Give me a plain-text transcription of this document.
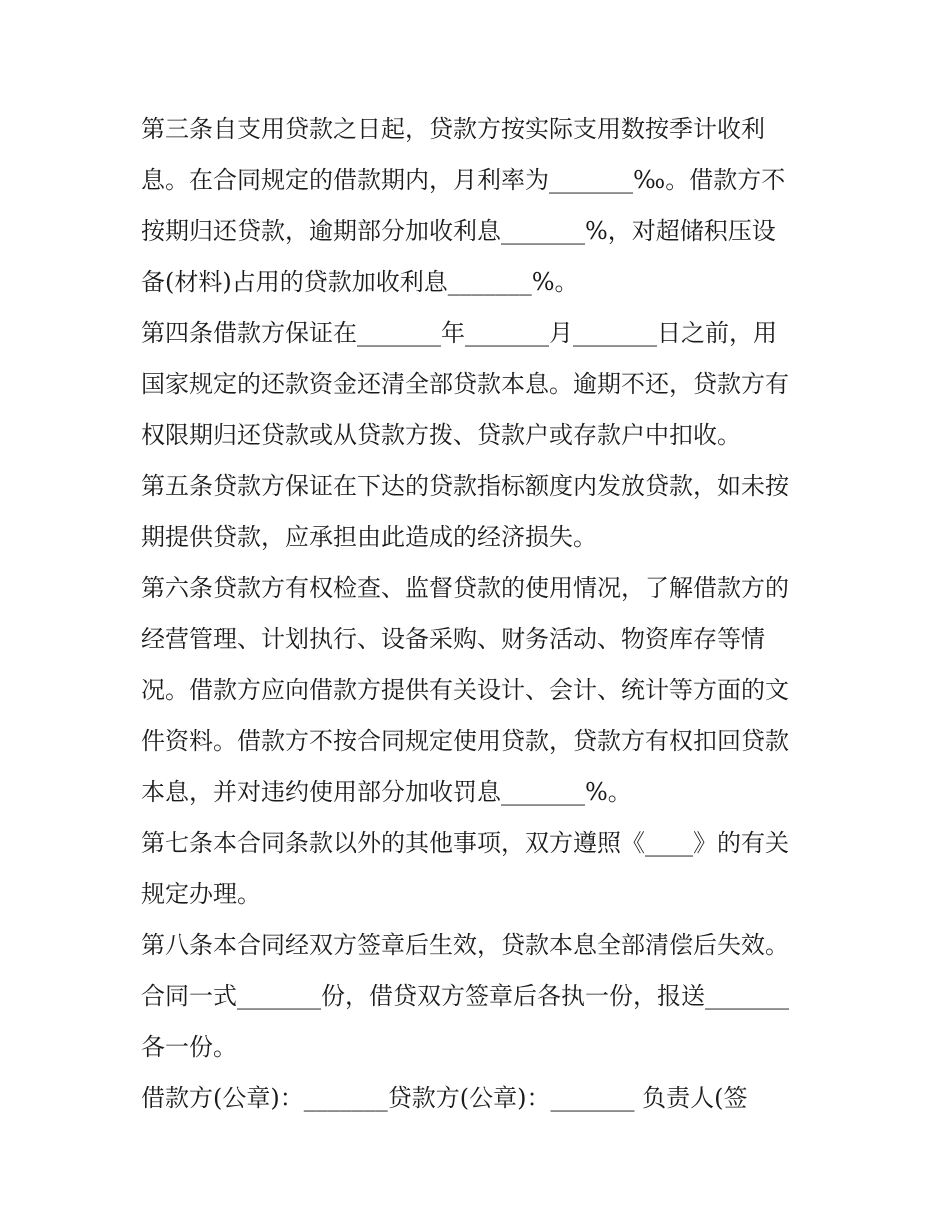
第三条自支用贷款之日起，贷款方按实际支用数按季计收利
息。在合同规定的借款期内，月利率为_______‰。借款方不
按期归还贷款，逾期部分加收利息_______%，对超储积压设
备(材料)占用的贷款加收利息_______%。
第四条借款方保证在_______年_______月_______日之前，用
国家规定的还款资金还清全部贷款本息。逾期不还，贷款方有
权限期归还贷款或从贷款方拨、贷款户或存款户中扣收。
第五条贷款方保证在下达的贷款指标额度内发放贷款，如未按
期提供贷款，应承担由此造成的经济损失。
第六条贷款方有权检查、监督贷款的使用情况，了解借款方的
经营管理、计划执行、设备采购、财务活动、物资库存等情
况。借款方应向借款方提供有关设计、会计、统计等方面的文
件资料。借款方不按合同规定使用贷款，贷款方有权扣回贷款
本息，并对违约使用部分加收罚息_______%。
第七条本合同条款以外的其他事项，双方遵照《____》的有关
规定办理。
第八条本合同经双方签章后生效，贷款本息全部清偿后失效。
合同一式_______份，借贷双方签章后各执一份，报送_______
各一份。
借款方(公章)：_______贷款方(公章)：_______ 负责人(签
